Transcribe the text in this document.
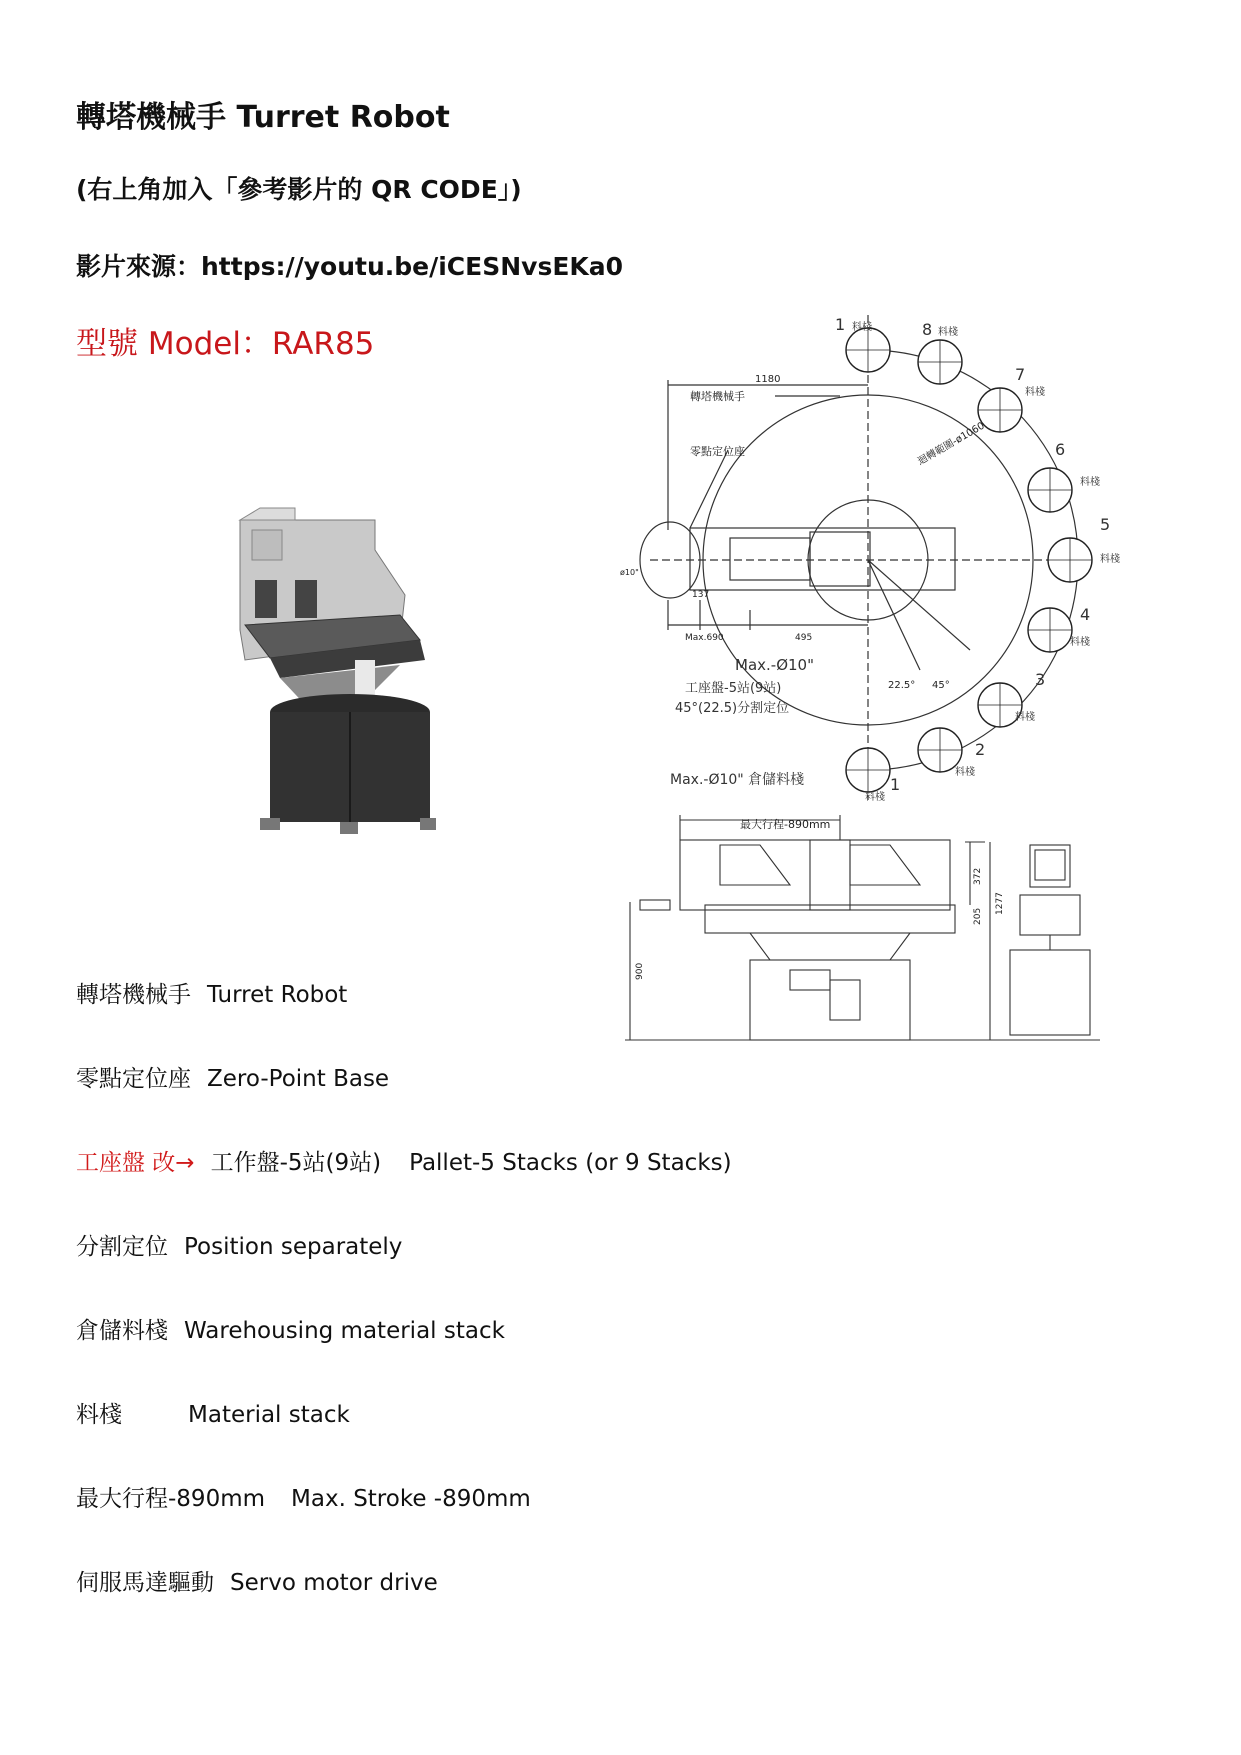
轉塔機械手 Turret Robot
(右上角加入「參考影片的 QR CODE」)
影片來源：https://youtu.be/iCESNvsEKa0
型號 Model：RAR85
1 料棧	8 料棧
7
料棧
6
料棧
5
料棧
4
料棧
3
料棧
2
料棧
1
料棧
1180
轉塔機械手
零點定位座	迴轉範圍-ø1060
ø10"
137
Max.690	495
Max.-Ø10"
工座盤-5站(9站)
45°(22.5)分割定位
22.5° 45°
Max.-Ø10" 倉儲料棧
最大行程-890mm
372
205
1277
900
轉塔機械手 Turret Robot
零點定位座 Zero-Point Base
工座盤 改→ 工作盤-5站(9站) Pallet-5 Stacks (or 9 Stacks)
分割定位 Position separately
倉儲料棧 Warehousing material stack
料棧	Material stack
最大行程-890mm Max. Stroke -890mm
伺服馬達驅動 Servo motor drive
